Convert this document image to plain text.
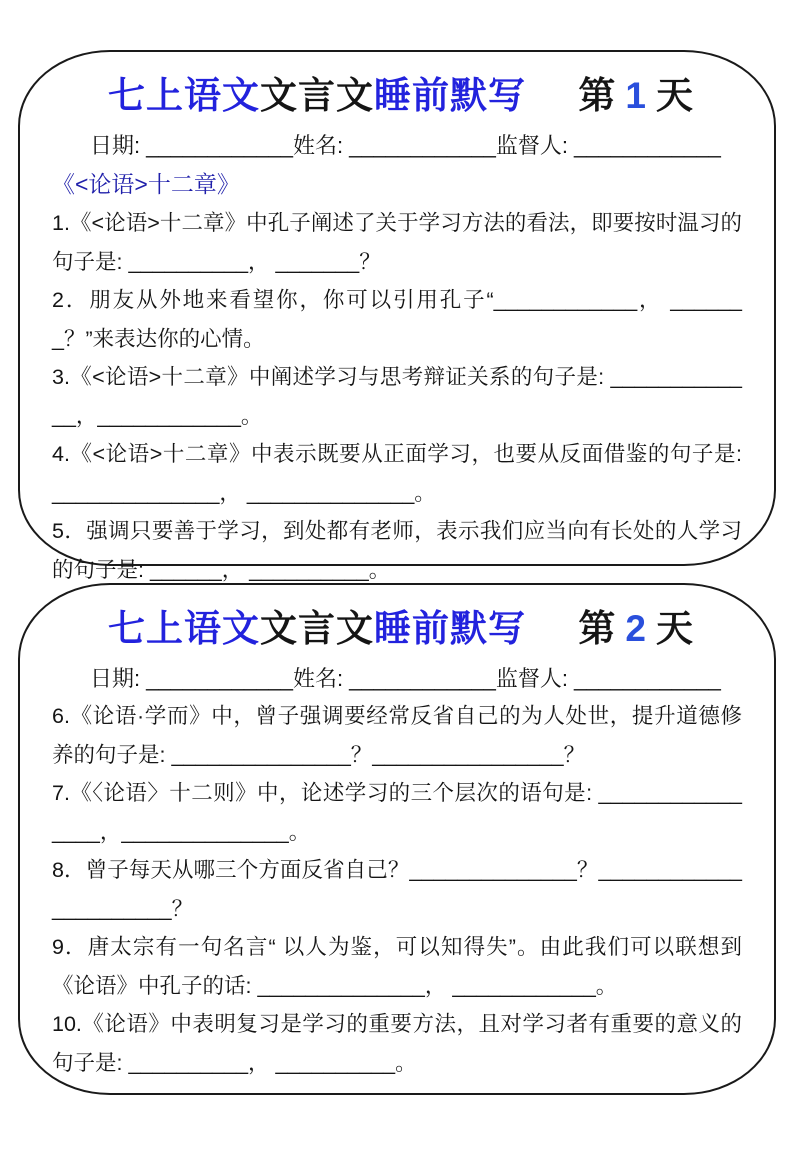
七上语文文言文睡前默写 第 1 天
日期: ____________ 姓名: ____________ 监督人: ____________
《<论语>十二章》

1.《<论语>十二章》中孔子阐述了关于学习方法的看法，即要按时温习的句子是: __________， _______？

2．朋友从外地来看望你，你可以引用孔子“____________， _______？”来表达你的心情。

3.《<论语>十二章》中阐述学习与思考辩证关系的句子是: _____________，____________。

4.《<论语>十二章》中表示既要从正面学习，也要从反面借鉴的句子是: ______________， ______________。

5．强调只要善于学习，到处都有老师，表示我们应当向有长处的人学习的句子是: ______， __________。

七上语文文言文睡前默写 第 2 天
日期: ____________ 姓名: ____________ 监督人: ____________

6.《论语·学而》中，曾子强调要经常反省自己的为人处世，提升道德修养的句子是: _______________？________________？

7.《〈论语〉十二则》中，论述学习的三个层次的语句是: ________________，______________。

8．曾子每天从哪三个方面反省自己？______________？______________________？

9．唐太宗有一句名言“ 以人为鉴，可以知得失”。由此我们可以联想到《论语》中孔子的话: ______________， ____________。

10.《论语》中表明复习是学习的重要方法，且对学习者有重要的意义的句子是: __________， __________。
